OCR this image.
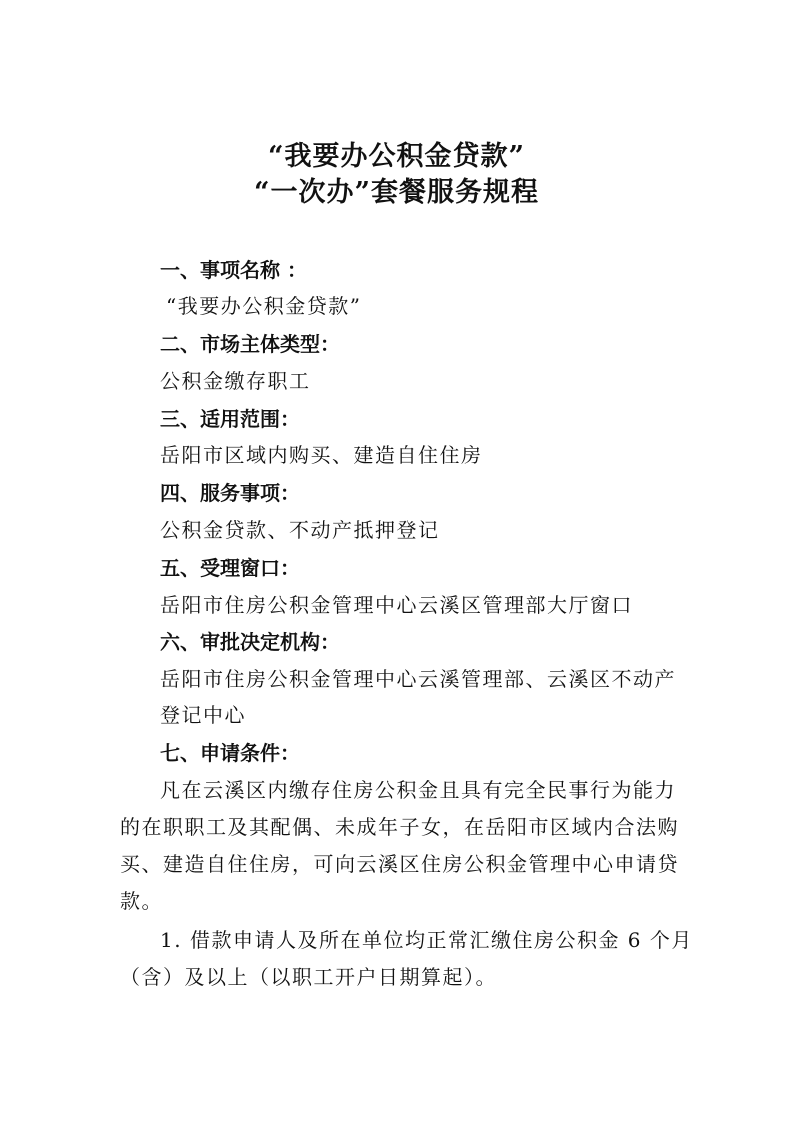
“我要办公积金贷款”
“一次办”套餐服务规程
一、事项名称 ：
“我要办公积金贷款”
二、市场主体类型：
公积金缴存职工
三、适用范围：
岳阳市区域内购买、建造自住住房
四、服务事项：
公积金贷款、不动产抵押登记
五、受理窗口：
岳阳市住房公积金管理中心云溪区管理部大厅窗口
六、审批决定机构：
岳阳市住房公积金管理中心云溪管理部、云溪区不动产
登记中心
七、申请条件：
凡在云溪区内缴存住房公积金且具有完全民事行为能力
的在职职工及其配偶、未成年子女，在岳阳市区域内合法购
买、建造自住住房，可向云溪区住房公积金管理中心申请贷
款。
1. 借款申请人及所在单位均正常汇缴住房公积金 6 个月
（含）及以上（以职工开户日期算起）。
